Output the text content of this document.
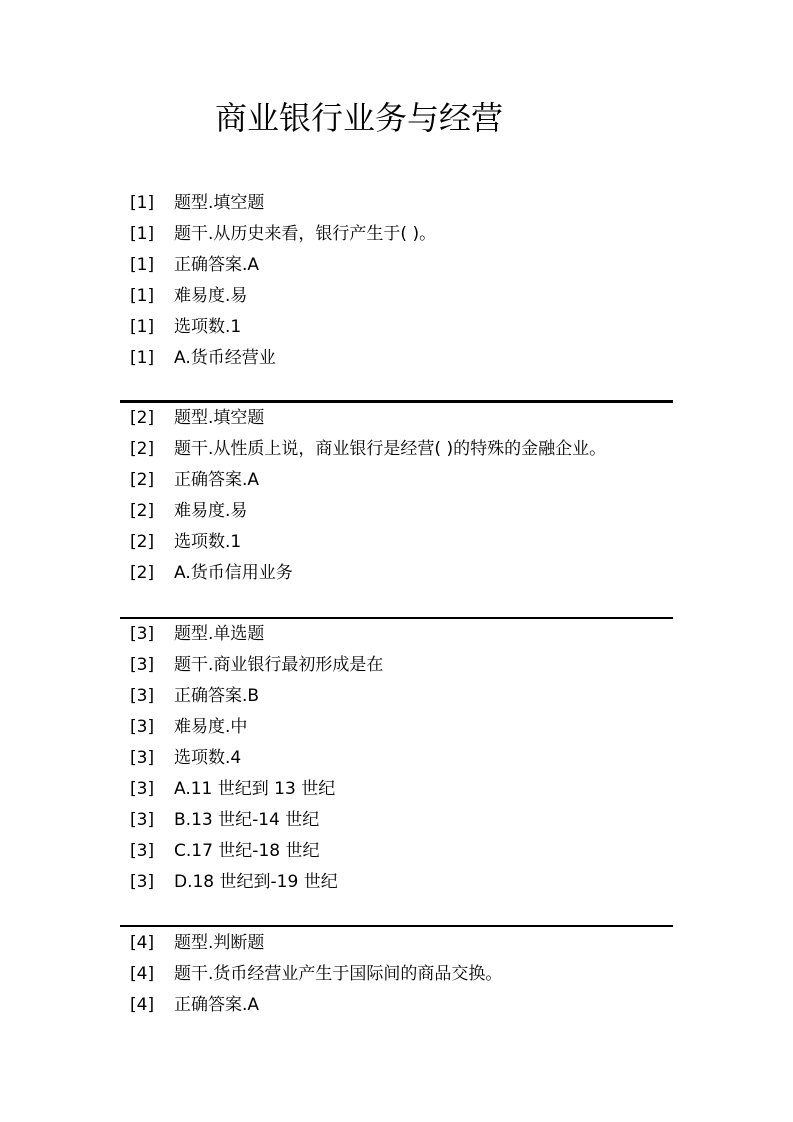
商业银行业务与经营
[1] 题型.填空题
[1] 题干.从历史来看，银行产生于( )。
[1] 正确答案.A
[1] 难易度.易
[1] 选项数.1
[1] A.货币经营业
[2] 题型.填空题
[2] 题干.从性质上说，商业银行是经营( )的特殊的金融企业。
[2] 正确答案.A
[2] 难易度.易
[2] 选项数.1
[2] A.货币信用业务
[3] 题型.单选题
[3] 题干.商业银行最初形成是在
[3] 正确答案.B
[3] 难易度.中
[3] 选项数.4
[3] A.11 世纪到 13 世纪
[3] B.13 世纪-14 世纪
[3] C.17 世纪-18 世纪
[3] D.18 世纪到-19 世纪
[4] 题型.判断题
[4] 题干.货币经营业产生于国际间的商品交换。
[4] 正确答案.A
